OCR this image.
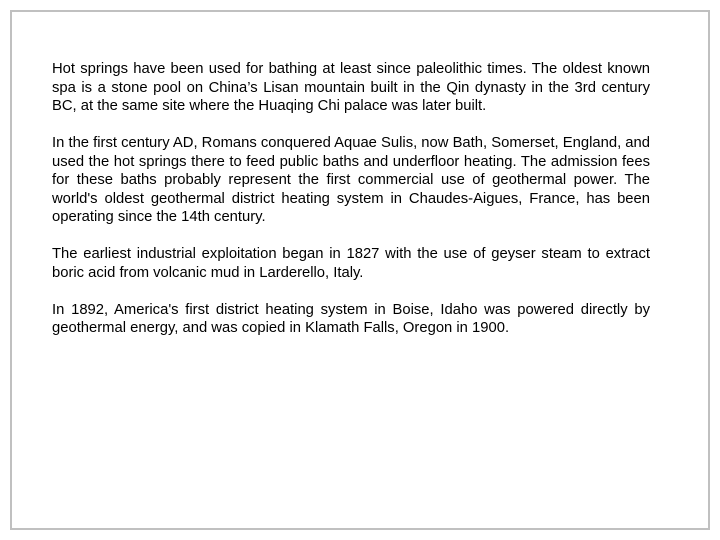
Hot springs have been used for bathing at least since paleolithic times. The oldest known spa is a stone pool on China’s Lisan mountain built in the Qin dynasty in the 3rd century BC, at the same site where the Huaqing Chi palace was later built.

In the first century AD, Romans conquered Aquae Sulis, now Bath, Somerset, England, and used the hot springs there to feed public baths and underfloor heating. The admission fees for these baths probably represent the first commercial use of geothermal power. The world's oldest geothermal district heating system in Chaudes-Aigues, France, has been operating since the 14th century.

The earliest industrial exploitation began in 1827 with the use of geyser steam to extract boric acid from volcanic mud in Larderello, Italy.

In 1892, America's first district heating system in Boise, Idaho was powered directly by geothermal energy, and was copied in Klamath Falls, Oregon in 1900.
